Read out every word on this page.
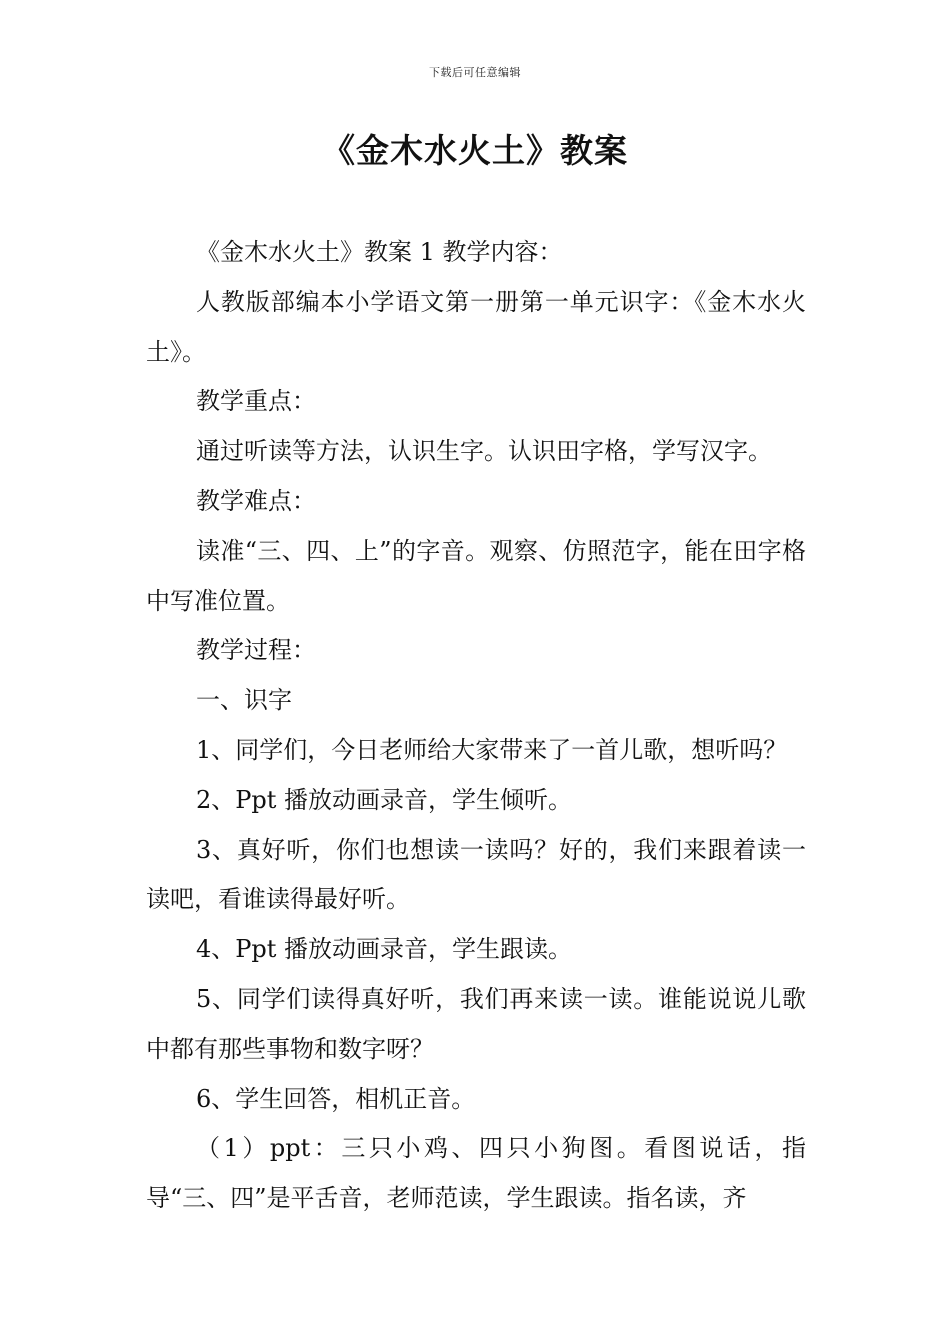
下载后可任意编辑
《金木水火土》教案

《金木水火土》教案 1 教学内容：

人教版部编本小学语文第一册第一单元识字：《金木水火土》。

教学重点：

通过听读等方法，认识生字。认识田字格，学写汉字。

教学难点：

读准“三、四、上”的字音。观察、仿照范字，能在田字格中写准位置。

教学过程：

一、识字

1、同学们，今日老师给大家带来了一首儿歌，想听吗？

2、Ppt 播放动画录音，学生倾听。

3、真好听，你们也想读一读吗？好的，我们来跟着读一读吧，看谁读得最好听。

4、Ppt 播放动画录音，学生跟读。

5、同学们读得真好听，我们再来读一读。谁能说说儿歌中都有那些事物和数字呀？

6、学生回答，相机正音。

（1）ppt：三只小鸡、四只小狗图。看图说话，指导“三、四”是平舌音，老师范读，学生跟读。指名读，齐
